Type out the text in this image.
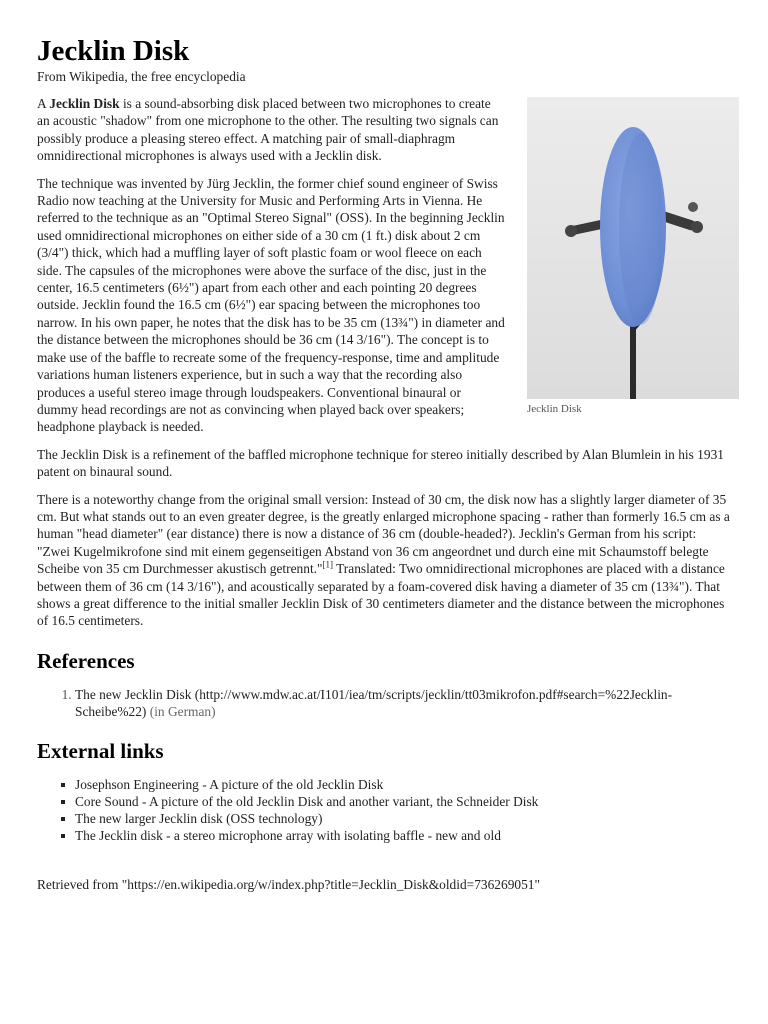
Jecklin Disk
From Wikipedia, the free encyclopedia
Jecklin Disk

A Jecklin Disk is a sound-absorbing disk placed between two microphones to create an acoustic "shadow" from one microphone to the other. The resulting two signals can possibly produce a pleasing stereo effect. A matching pair of small-diaphragm omnidirectional microphones is always used with a Jecklin disk.

The technique was invented by Jürg Jecklin, the former chief sound engineer of Swiss Radio now teaching at the University for Music and Performing Arts in Vienna. He referred to the technique as an "Optimal Stereo Signal" (OSS). In the beginning Jecklin used omnidirectional microphones on either side of a 30 cm (1 ft.) disk about 2 cm (3/4") thick, which had a muffling layer of soft plastic foam or wool fleece on each side. The capsules of the microphones were above the surface of the disc, just in the center, 16.5 centimeters (6½") apart from each other and each pointing 20 degrees outside. Jecklin found the 16.5 cm (6½") ear spacing between the microphones too narrow. In his own paper, he notes that the disk has to be 35 cm (13¾") in diameter and the distance between the microphones should be 36 cm (14 3/16"). The concept is to make use of the baffle to recreate some of the frequency-response, time and amplitude variations human listeners experience, but in such a way that the recording also produces a useful stereo image through loudspeakers. Conventional binaural or dummy head recordings are not as convincing when played back over speakers; headphone playback is needed.

The Jecklin Disk is a refinement of the baffled microphone technique for stereo initially described by Alan Blumlein in his 1931 patent on binaural sound.

There is a noteworthy change from the original small version: Instead of 30 cm, the disk now has a slightly larger diameter of 35 cm. But what stands out to an even greater degree, is the greatly enlarged microphone spacing - rather than formerly 16.5 cm as a human "head diameter" (ear distance) there is now a distance of 36 cm (double-headed?). Jecklin's German from his script: "Zwei Kugelmikrofone sind mit einem gegenseitigen Abstand von 36 cm angeordnet und durch eine mit Schaumstoff belegte Scheibe von 35 cm Durchmesser akustisch getrennt."[1] Translated: Two omnidirectional microphones are placed with a distance between them of 36 cm (14 3/16"), and acoustically separated by a foam-covered disk having a diameter of 35 cm (13¾"). That shows a great difference to the initial smaller Jecklin Disk of 30 centimeters diameter and the distance between the microphones of 16.5 centimeters.

References
1. The new Jecklin Disk (http://www.mdw.ac.at/I101/iea/tm/scripts/jecklin/tt03mikrofon.pdf#search=%22Jecklin-Scheibe%22) (in German)
External links
Josephson Engineering - A picture of the old Jecklin Disk
Core Sound - A picture of the old Jecklin Disk and another variant, the Schneider Disk
The new larger Jecklin disk (OSS technology)
The Jecklin disk - a stereo microphone array with isolating baffle - new and old
Retrieved from "https://en.wikipedia.org/w/index.php?title=Jecklin_Disk&oldid=736269051"
